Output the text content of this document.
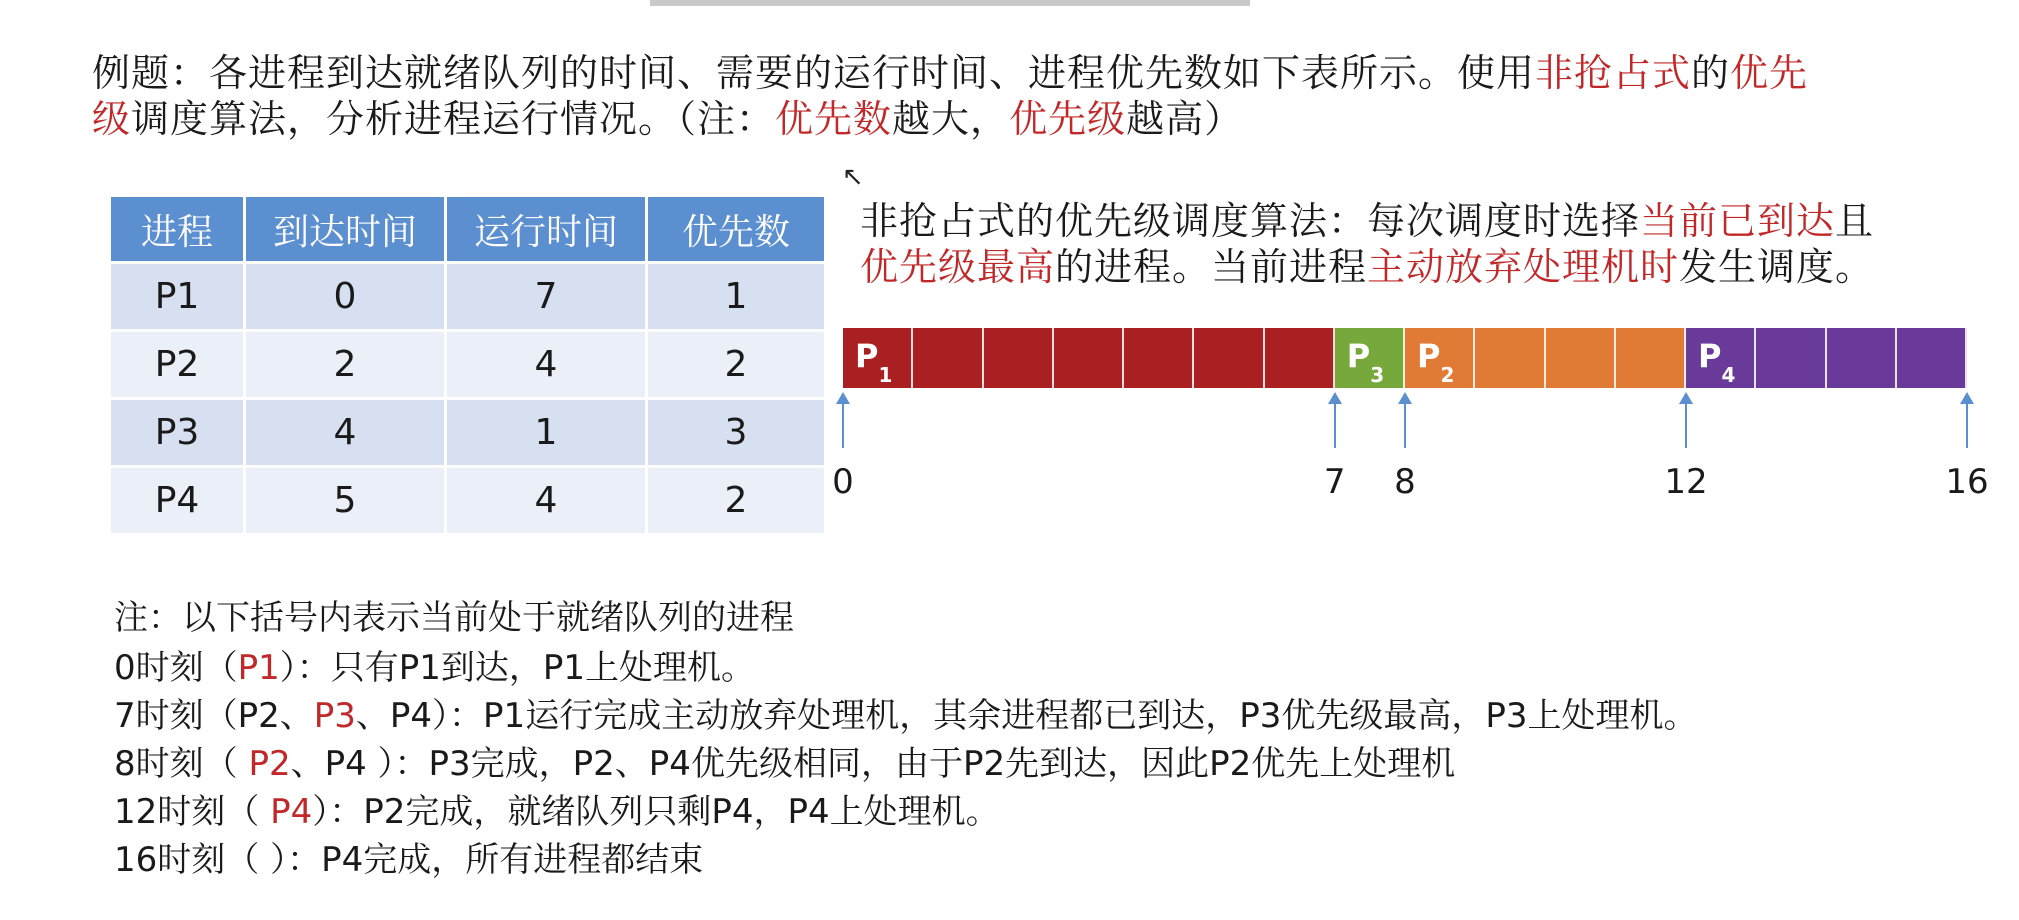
例题：各进程到达就绪队列的时间、需要的运行时间、进程优先数如下表所示。使用非抢占式的优先
级调度算法，分析进程运行情况。（注：优先数越大，优先级越高）
↖
进程	到达时间	运行时间	优先数
P1	0	7	1
P2	2	4	2
P3	4	1	3
P4	5	4	2
非抢占式的优先级调度算法：每次调度时选择当前已到达且
优先级最高的进程。当前进程主动放弃处理机时发生调度。
$P_1$
$P_3$
$P_2$
$P_4$
0	7 8	12	16
注：以下括号内表示当前处于就绪队列的进程
0时刻（P1）：只有P1到达，P1上处理机。
7时刻（P2、P3、P4）：P1运行完成主动放弃处理机，其余进程都已到达，P3优先级最高，P3上处理机。
8时刻（ P2、P4 ）：P3完成，P2、P4优先级相同，由于P2先到达，因此P2优先上处理机
12时刻（ P4）：P2完成，就绪队列只剩P4，P4上处理机。
16时刻（ ）：P4完成，所有进程都结束
